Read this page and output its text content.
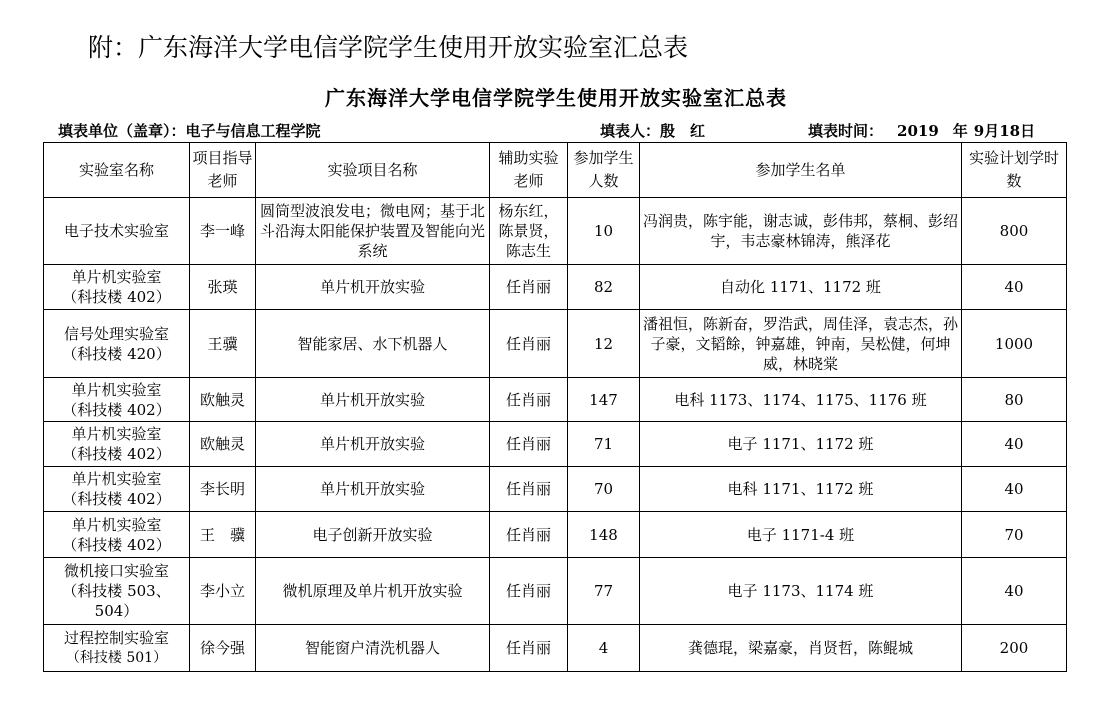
附：广东海洋大学电信学院学生使用开放实验室汇总表
广东海洋大学电信学院学生使用开放实验室汇总表
填表单位（盖章）：电子与信息工程学院	填表人：殷　红	填表时间： 2019 年 9月18日
实验室名称	项目指导老师	实验项目名称	辅助实验老师	参加学生人数	参加学生名单	实验计划学时数

电子技术实验室	李一峰	圆筒型波浪发电；微电网；基于北斗沿海太阳能保护装置及智能向光系统	杨东红，陈景贤，陈志生	10	冯润贵，陈宇能，谢志诚，彭伟邦，蔡桐、彭绍宇，韦志豪林锦涛，熊泽花	800

单片机实验室
（科技楼 402）	张瑛	单片机开放实验	任肖丽	82	自动化 1171、1172 班	40

信号处理实验室
（科技楼 420）	王骥	智能家居、水下机器人	任肖丽	12	潘祖恒，陈新奋，罗浩武，周佳泽，袁志杰，孙子豪，文韬餘，钟嘉雄，钟南，吴松健，何坤威，林晓棠	1000

单片机实验室
（科技楼 402）	欧触灵	单片机开放实验	任肖丽	147	电科 1173、1174、1175、1176 班	80

单片机实验室
（科技楼 402）	欧触灵	单片机开放实验	任肖丽	71	电子 1171、1172 班	40

单片机实验室
（科技楼 402）	李长明	单片机开放实验	任肖丽	70	电科 1171、1172 班	40

单片机实验室
（科技楼 402）	王　骥	电子创新开放实验	任肖丽	148	电子 1171-4 班	70

微机接口实验室
（科技楼 503、504）	李小立	微机原理及单片机开放实验	任肖丽	77	电子 1173、1174 班	40

过程控制实验室
（科技楼 501）	徐今强	智能窗户清洗机器人	任肖丽	4	龚德琨，梁嘉豪，肖贤哲，陈鲲城	200
